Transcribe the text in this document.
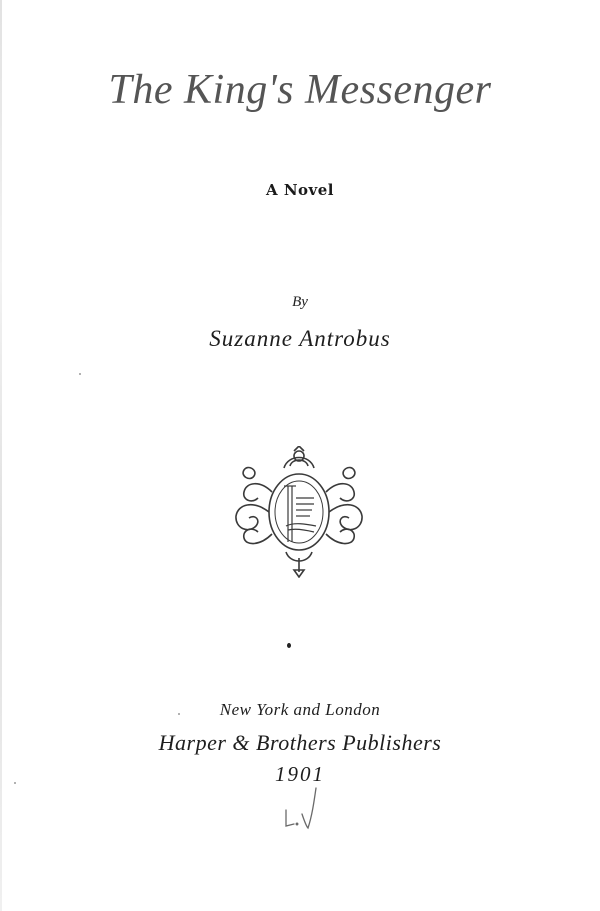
The King's Messenger
A Novel
By
Suzanne Antrobus
New York and London
Harper & Brothers Publishers
1901
